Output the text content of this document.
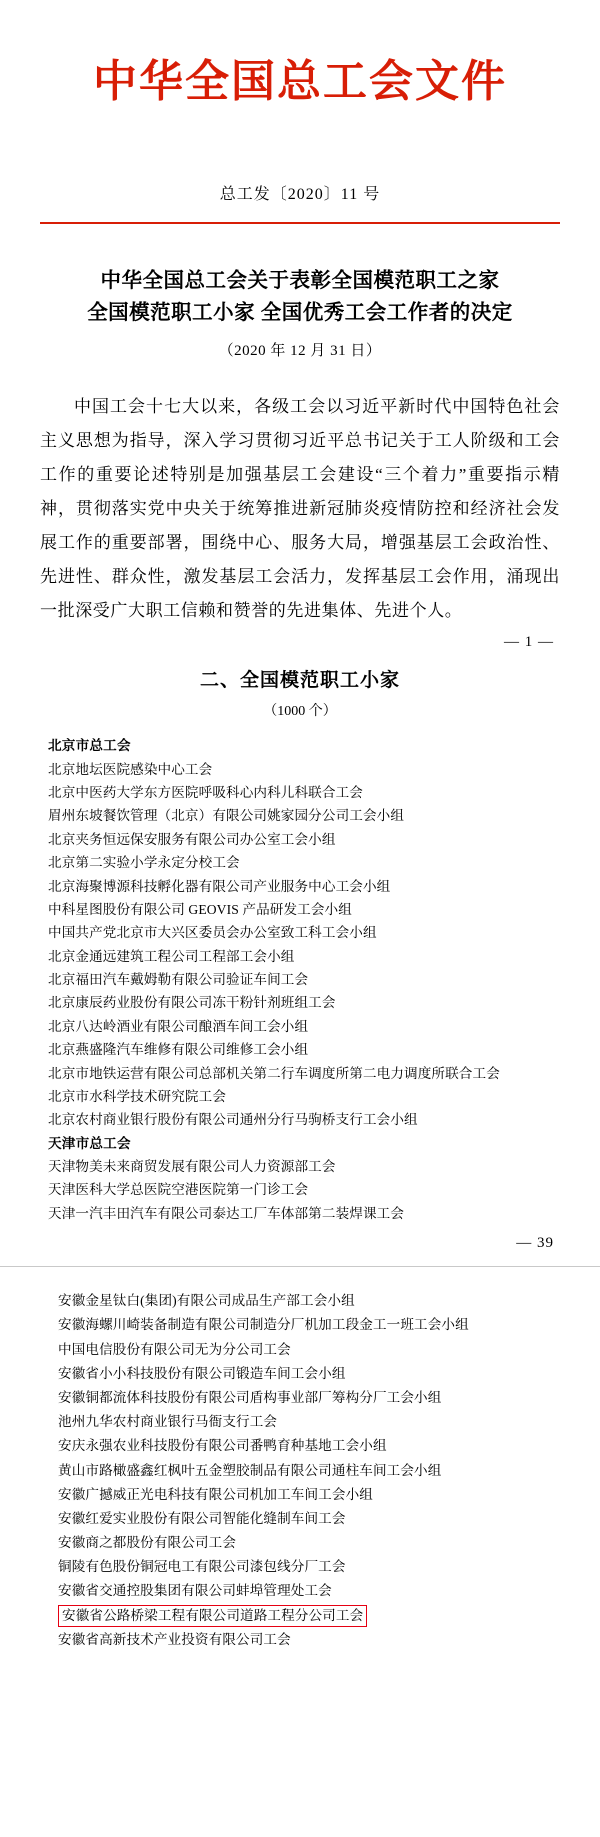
中华全国总工会文件
总工发〔2020〕11 号
中华全国总工会关于表彰全国模范职工之家
全国模范职工小家 全国优秀工会工作者的决定
（2020 年 12 月 31 日）
中国工会十七大以来，各级工会以习近平新时代中国特色社会主义思想为指导，深入学习贯彻习近平总书记关于工人阶级和工会工作的重要论述特别是加强基层工会建设“三个着力”重要指示精神，贯彻落实党中央关于统筹推进新冠肺炎疫情防控和经济社会发展工作的重要部署，围绕中心、服务大局，增强基层工会政治性、先进性、群众性，激发基层工会活力，发挥基层工会作用，涌现出一批深受广大职工信赖和赞誉的先进集体、先进个人。
— 1 —
二、全国模范职工小家
（1000 个）
北京市总工会
北京地坛医院感染中心工会
北京中医药大学东方医院呼吸科心内科儿科联合工会
眉州东坡餐饮管理（北京）有限公司姚家园分公司工会小组
北京夹务恒远保安服务有限公司办公室工会小组
北京第二实验小学永定分校工会
北京海聚博源科技孵化器有限公司产业服务中心工会小组
中科星图股份有限公司 GEOVIS 产品研发工会小组
中国共产党北京市大兴区委员会办公室致工科工会小组
北京金通远建筑工程公司工程部工会小组
北京福田汽车戴姆勒有限公司验证车间工会
北京康辰药业股份有限公司冻干粉针剂班组工会
北京八达岭酒业有限公司酿酒车间工会小组
北京燕盛隆汽车维修有限公司维修工会小组
北京市地铁运营有限公司总部机关第二行车调度所第二电力调度所联合工会
北京市水科学技术研究院工会
北京农村商业银行股份有限公司通州分行马驹桥支行工会小组
天津市总工会
天津物美未来商贸发展有限公司人力资源部工会
天津医科大学总医院空港医院第一门诊工会
天津一汽丰田汽车有限公司泰达工厂车体部第二装焊课工会
— 39
安徽金星钛白(集团)有限公司成品生产部工会小组
安徽海螺川崎装备制造有限公司制造分厂机加工段金工一班工会小组
中国电信股份有限公司无为分公司工会
安徽省小小科技股份有限公司锻造车间工会小组
安徽铜都流体科技股份有限公司盾构事业部厂筹构分厂工会小组
池州九华农村商业银行马衙支行工会
安庆永强农业科技股份有限公司番鸭育种基地工会小组
黄山市路橄盛鑫红枫叶五金塑胶制品有限公司通柱车间工会小组
安徽广撼威正光电科技有限公司机加工车间工会小组
安徽红爱实业股份有限公司智能化缝制车间工会
安徽商之都股份有限公司工会
铜陵有色股份铜冠电工有限公司漆包线分厂工会
安徽省交通控股集团有限公司蚌埠管理处工会
安徽省公路桥梁工程有限公司道路工程分公司工会
安徽省高新技术产业投资有限公司工会
